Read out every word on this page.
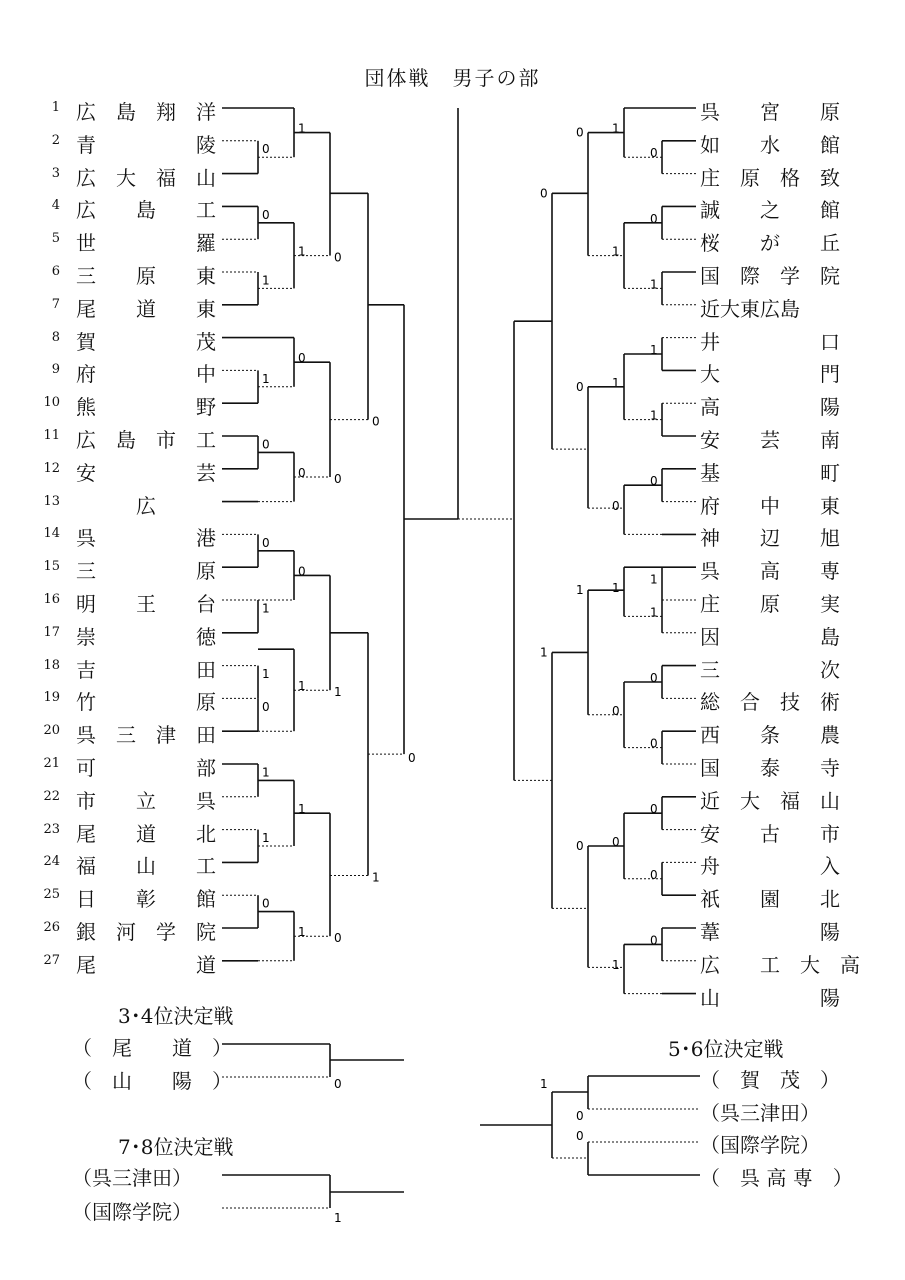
0
0
1
1
0
0
1
1
0
1
1
0
1
1
0
0
0
1
1
1
0
0
1
0
0
1
0
0
0
1
1
1
0
1
1
0
0
0
0
0
1
1
1
0
1
0
0
1
0
0
1
0
0
1
0
1
1
0
0
団体戦　男子の部
1 広　島　翔　洋
2 青　　　　　陵
3 広　大　福　山
4 広　　島　　工
5 世　　　　　羅
6 三　　原　　東
7 尾　　道　　東
8 賀　　　　　茂
9 府　　　　　中
10 熊　　　　　野
11 広　島　市　工
12 安　　　　　芸
13 　　　広　　　
14 呉　　　　　港
15 三　　　　　原
16 明　　王　　台
17 崇　　　　　徳
18 吉　　　　　田
19 竹　　　　　原
20 呉　三　津　田
21 可　　　　　部
22 市　　立　　呉
23 尾　　道　　北
24 福　　山　　工
25 日　　彰　　館
26 銀　河　学　院
27 尾　　　　　道
呉　　宮　　原
如　　水　　館
庄　原　格　致
誠　　之　　館
桜　　が　　丘
国　際　学　院
近大東広島
井　　　　　口
大　　　　　門
高　　　　　陽
安　　芸　　南
基　　　　　町
府　　中　　東
神　　辺　　旭
呉　　高　　専
庄　　原　　実
因　　　　　島
三　　　　　次
総　合　技　術
西　　条　　農
国　　泰　　寺
近　大　福　山
安　　古　　市
舟　　　　　入
祇　　園　　北
葦　　　　　陽
広　　工　大　高
山　　　　　陽
3･4位決定戦
（　尾　　道　）
（　山　　陽　）
7･8位決定戦
（呉三津田）
（国際学院）
5･6位決定戦
（　賀　茂　）
（呉三津田）
（国際学院）
（　呉 高 専　）
